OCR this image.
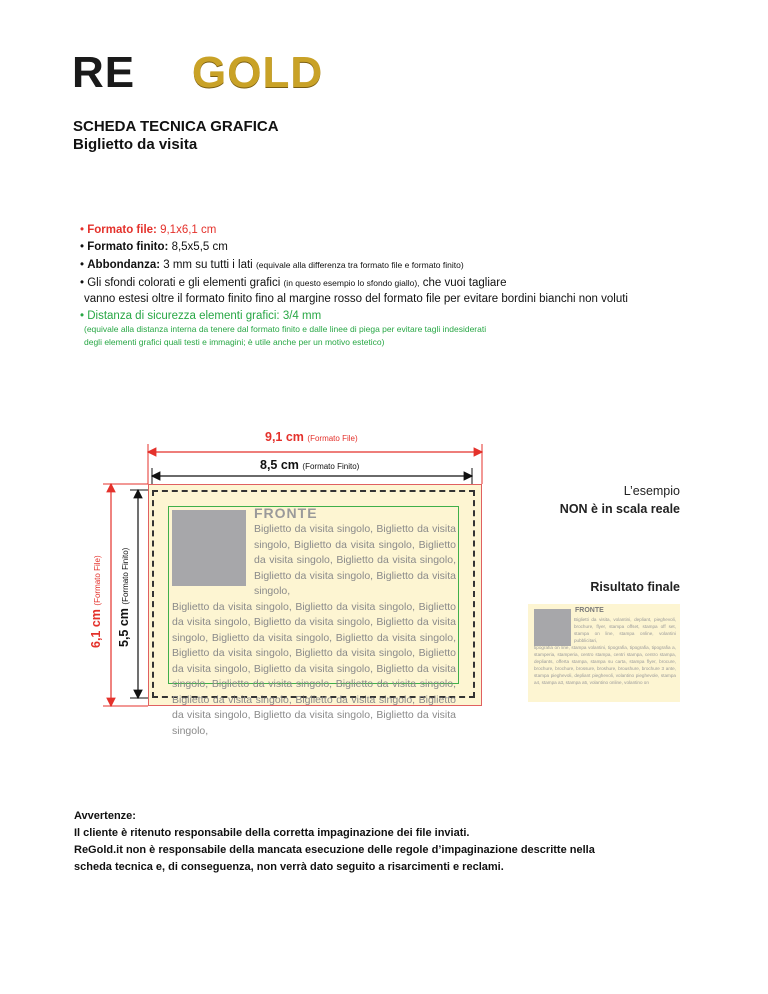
RE GOLD
SCHEDA TECNICA GRAFICA
Biglietto da visita
• Formato file: 9,1x6,1 cm
• Formato finito: 8,5x5,5 cm
• Abbondanza: 3 mm su tutti i lati (equivale alla differenza tra formato file e formato finito)
• Gli sfondi colorati e gli elementi grafici (in questo esempio lo sfondo giallo), che vuoi tagliare
vanno estesi oltre il formato finito fino al margine rosso del formato file per evitare bordini bianchi non voluti
• Distanza di sicurezza elementi grafici: 3/4 mm
(equivale alla distanza interna da tenere dal formato finito e dalle linee di piega per evitare tagli indesiderati
degli elementi grafici quali testi e immagini; è utile anche per un motivo estetico)
9,1 cm (Formato File)
8,5 cm (Formato Finito)
6,1 cm (Formato File)
5,5 cm (Formato Finito)
FRONTE
Biglietto da visita singolo, Biglietto da visita singolo, Biglietto da visita singolo, Biglietto da visita singolo, Biglietto da visita singolo, Biglietto da visita singolo, Biglietto da visita singolo,
Biglietto da visita singolo, Biglietto da visita singolo, Biglietto da visita singolo, Biglietto da visita singolo, Biglietto da visita singolo, Biglietto da visita singolo, Biglietto da visita singolo, Biglietto da visita singolo, Biglietto da visita singolo, Biglietto da visita singolo, Biglietto da visita singolo, Biglietto da visita singolo, Biglietto da visita singolo, Biglietto da visita singolo, Biglietto da visita singolo, Biglietto da visita singolo, Biglietto da visita singolo, Biglietto da visita singolo, Biglietto da visita singolo,
L’esempio
NON è in scala reale
Risultato finale
FRONTE
Biglietti da visita, volantini, depliant, pieghevoli, brochure, flyer, stampa offset, stampa off set, stampa on line, stampa online, volantini pubblicitari,
tipografia on line, stampa volantini, tipografia, tipografia, tipografia a, stamperia, stamperia, centro stampa, centri stampa, centro stampa, depliants, offerta stampa, stampa su carta, stampa flyer, brocure, brochure, brochure, brossure, broshure, broushure, brochure 3 ante, stampa pieghevoli, depliant pieghevoli, volantino pieghevole, stampa a4, stampa a3, stampa a5, volantino online, volantino on
Avvertenze:
Il cliente è ritenuto responsabile della corretta impaginazione dei file inviati.
ReGold.it non è responsabile della mancata esecuzione delle regole d’impaginazione descritte nella
scheda tecnica e, di conseguenza, non verrà dato seguito a risarcimenti e reclami.
